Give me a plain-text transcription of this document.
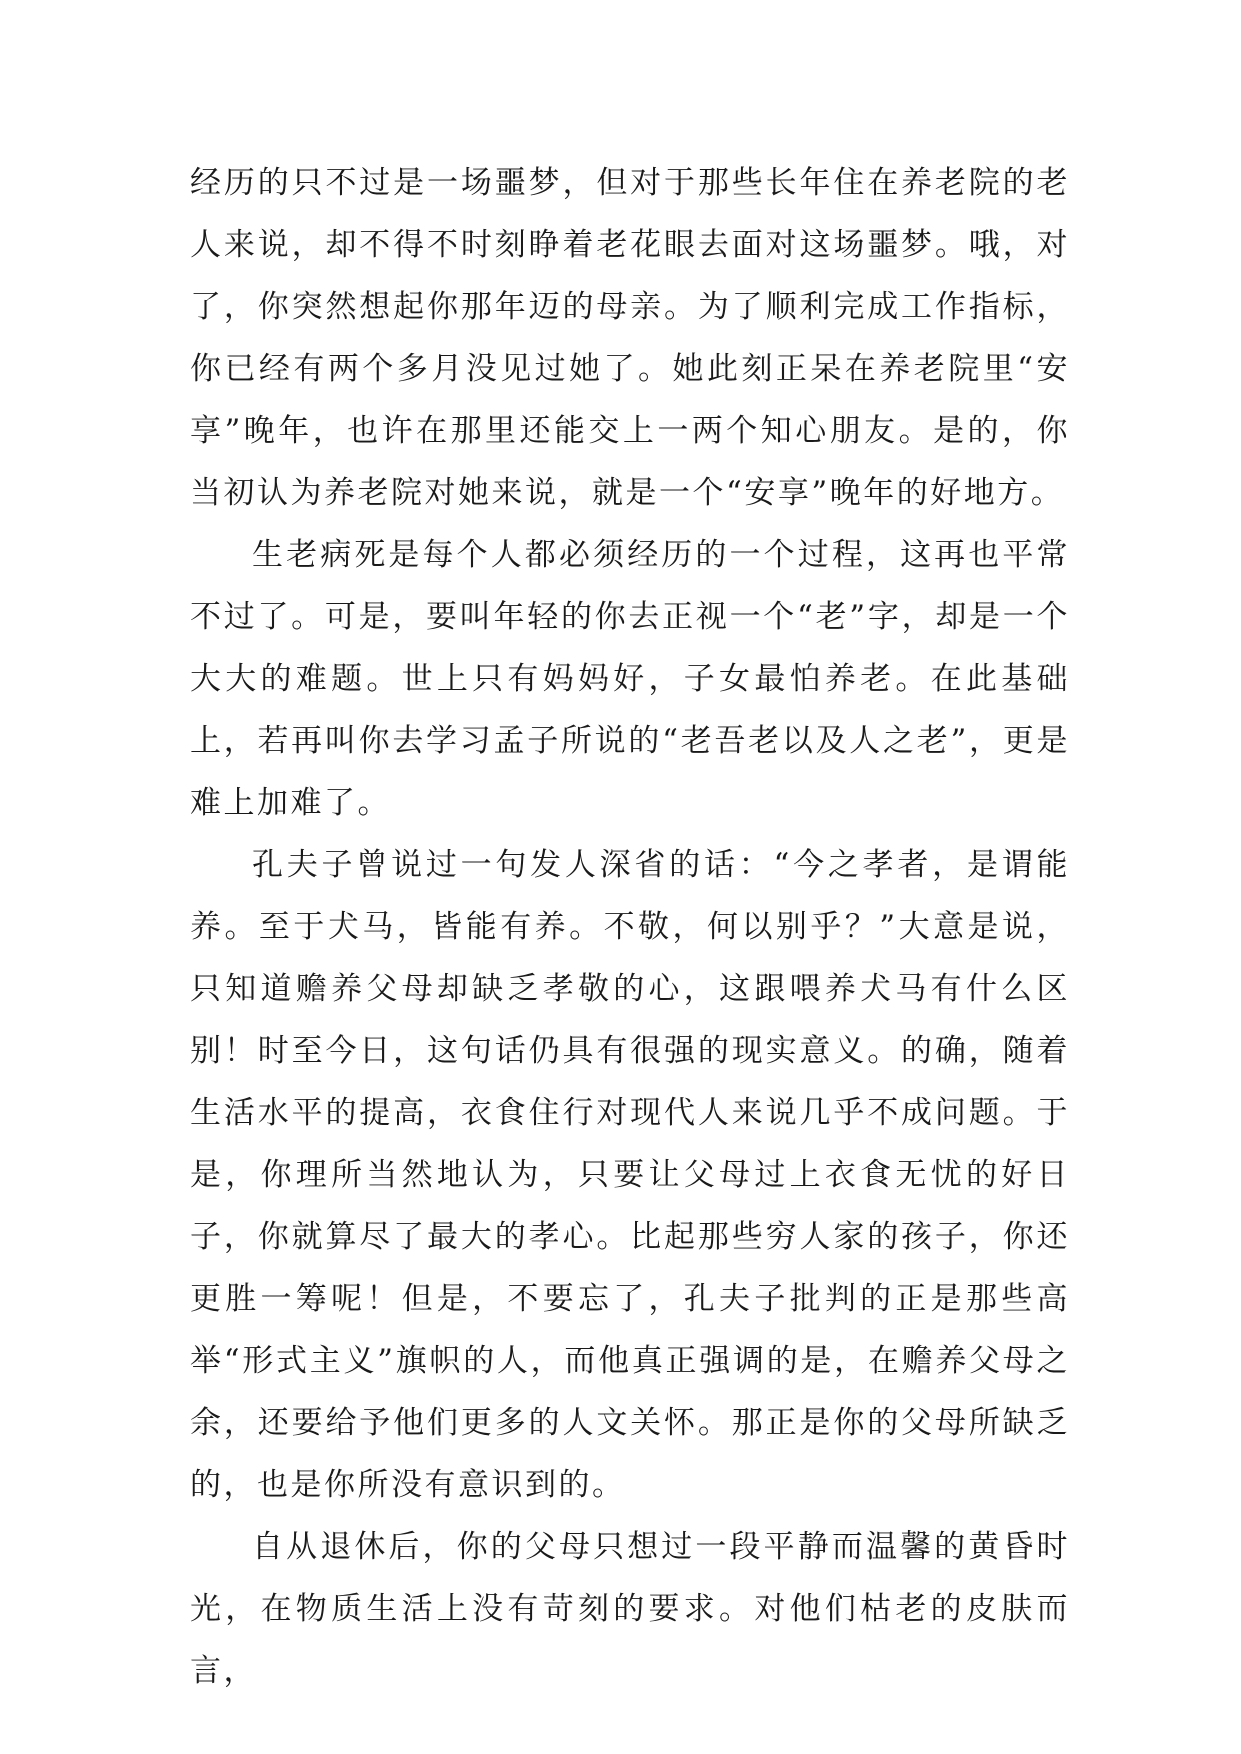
经历的只不过是一场噩梦，但对于那些长年住在养老院的老人来说，却不得不时刻睁着老花眼去面对这场噩梦。哦，对了，你突然想起你那年迈的母亲。为了顺利完成工作指标，你已经有两个多月没见过她了。她此刻正呆在养老院里“安享”晚年，也许在那里还能交上一两个知心朋友。是的，你当初认为养老院对她来说，就是一个“安享”晚年的好地方。

生老病死是每个人都必须经历的一个过程，这再也平常不过了。可是，要叫年轻的你去正视一个“老”字，却是一个大大的难题。世上只有妈妈好，子女最怕养老。在此基础上，若再叫你去学习孟子所说的“老吾老以及人之老”，更是难上加难了。

孔夫子曾说过一句发人深省的话：“今之孝者，是谓能养。至于犬马，皆能有养。不敬，何以别乎？”大意是说，只知道赡养父母却缺乏孝敬的心，这跟喂养犬马有什么区别！时至今日，这句话仍具有很强的现实意义。的确，随着生活水平的提高，衣食住行对现代人来说几乎不成问题。于是，你理所当然地认为，只要让父母过上衣食无忧的好日子，你就算尽了最大的孝心。比起那些穷人家的孩子，你还更胜一筹呢！但是，不要忘了，孔夫子批判的正是那些高举“形式主义”旗帜的人，而他真正强调的是，在赡养父母之余，还要给予他们更多的人文关怀。那正是你的父母所缺乏的，也是你所没有意识到的。

自从退休后，你的父母只想过一段平静而温馨的黄昏时光，在物质生活上没有苛刻的要求。对他们枯老的皮肤而言，
